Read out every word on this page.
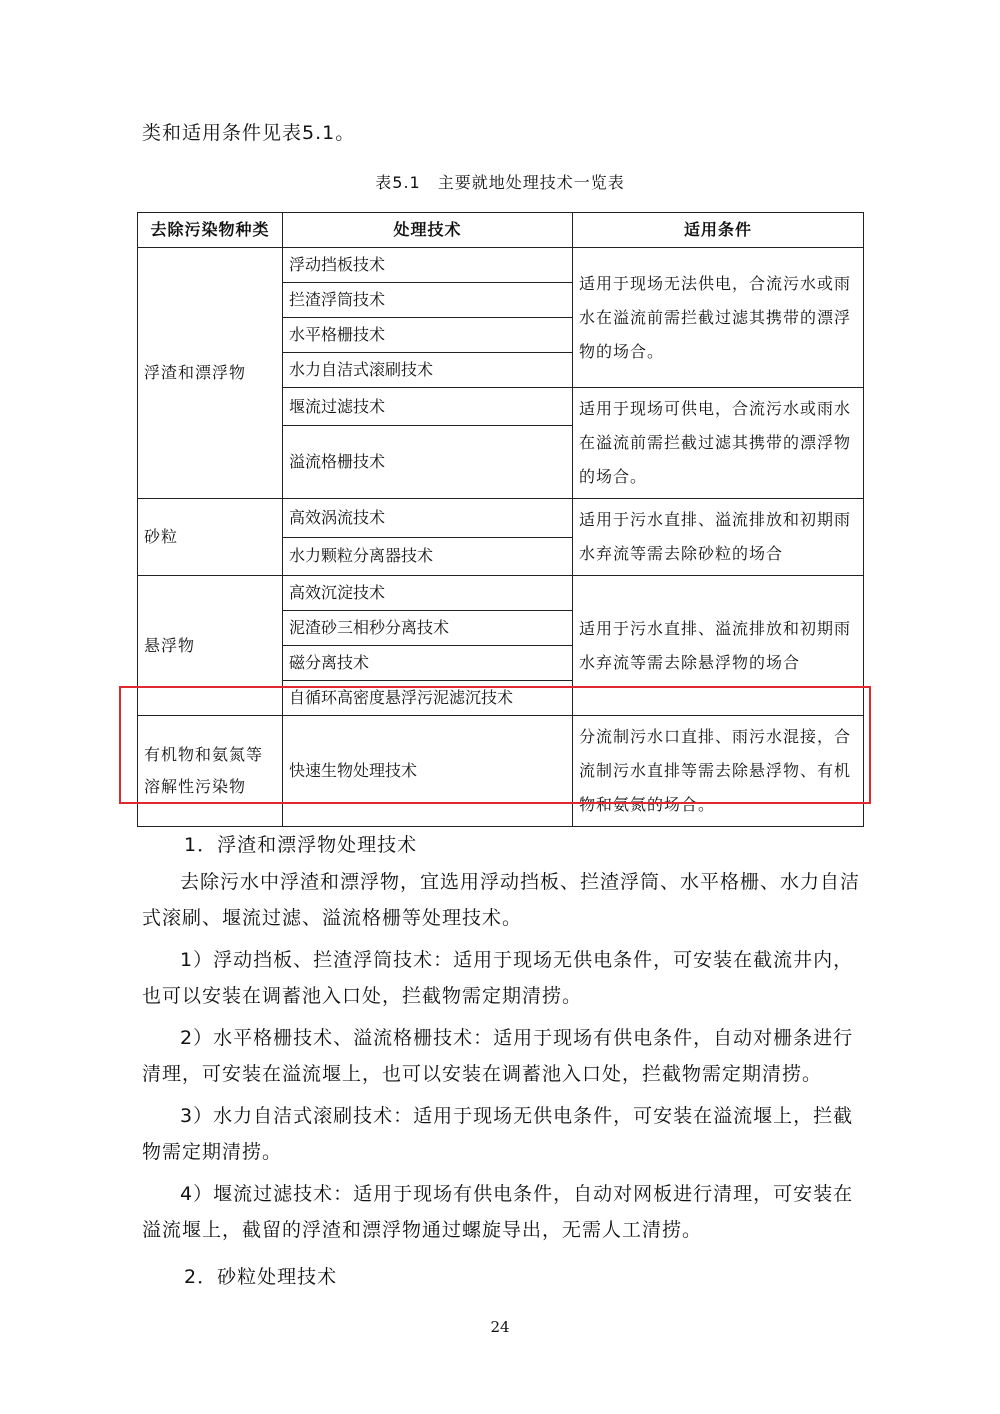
类和适用条件见表5.1。
表5.1　主要就地处理技术一览表
去除污染物种类	处理技术	适用条件
浮渣和漂浮物	浮动挡板技术	适用于现场无法供电，合流污水或雨水在溢流前需拦截过滤其携带的漂浮物的场合。
	拦渣浮筒技术	
	水平格栅技术	
	水力自洁式滚刷技术	
	堰流过滤技术	适用于现场可供电，合流污水或雨水在溢流前需拦截过滤其携带的漂浮物的场合。
	溢流格栅技术	

砂粒	高效涡流技术	适用于污水直排、溢流排放和初期雨水弃流等需去除砂粒的场合
	水力颗粒分离器技术	
悬浮物	高效沉淀技术	适用于污水直排、溢流排放和初期雨水弃流等需去除悬浮物的场合
	泥渣砂三相秒分离技术	
	磁分离技术	
	自循环高密度悬浮污泥滤沉技术	
有机物和氨氮等溶解性污染物	快速生物处理技术	分流制污水口直排、雨污水混接，合流制污水直排等需去除悬浮物、有机物和氨氮的场合。
1．浮渣和漂浮物处理技术
去除污水中浮渣和漂浮物，宜选用浮动挡板、拦渣浮筒、水平格栅、水力自洁式滚刷、堰流过滤、溢流格栅等处理技术。
1）浮动挡板、拦渣浮筒技术：适用于现场无供电条件，可安装在截流井内，也可以安装在调蓄池入口处，拦截物需定期清捞。
2）水平格栅技术、溢流格栅技术：适用于现场有供电条件，自动对栅条进行清理，可安装在溢流堰上，也可以安装在调蓄池入口处，拦截物需定期清捞。
3）水力自洁式滚刷技术：适用于现场无供电条件，可安装在溢流堰上，拦截物需定期清捞。
4）堰流过滤技术：适用于现场有供电条件，自动对网板进行清理，可安装在溢流堰上，截留的浮渣和漂浮物通过螺旋导出，无需人工清捞。
2．砂粒处理技术
24
